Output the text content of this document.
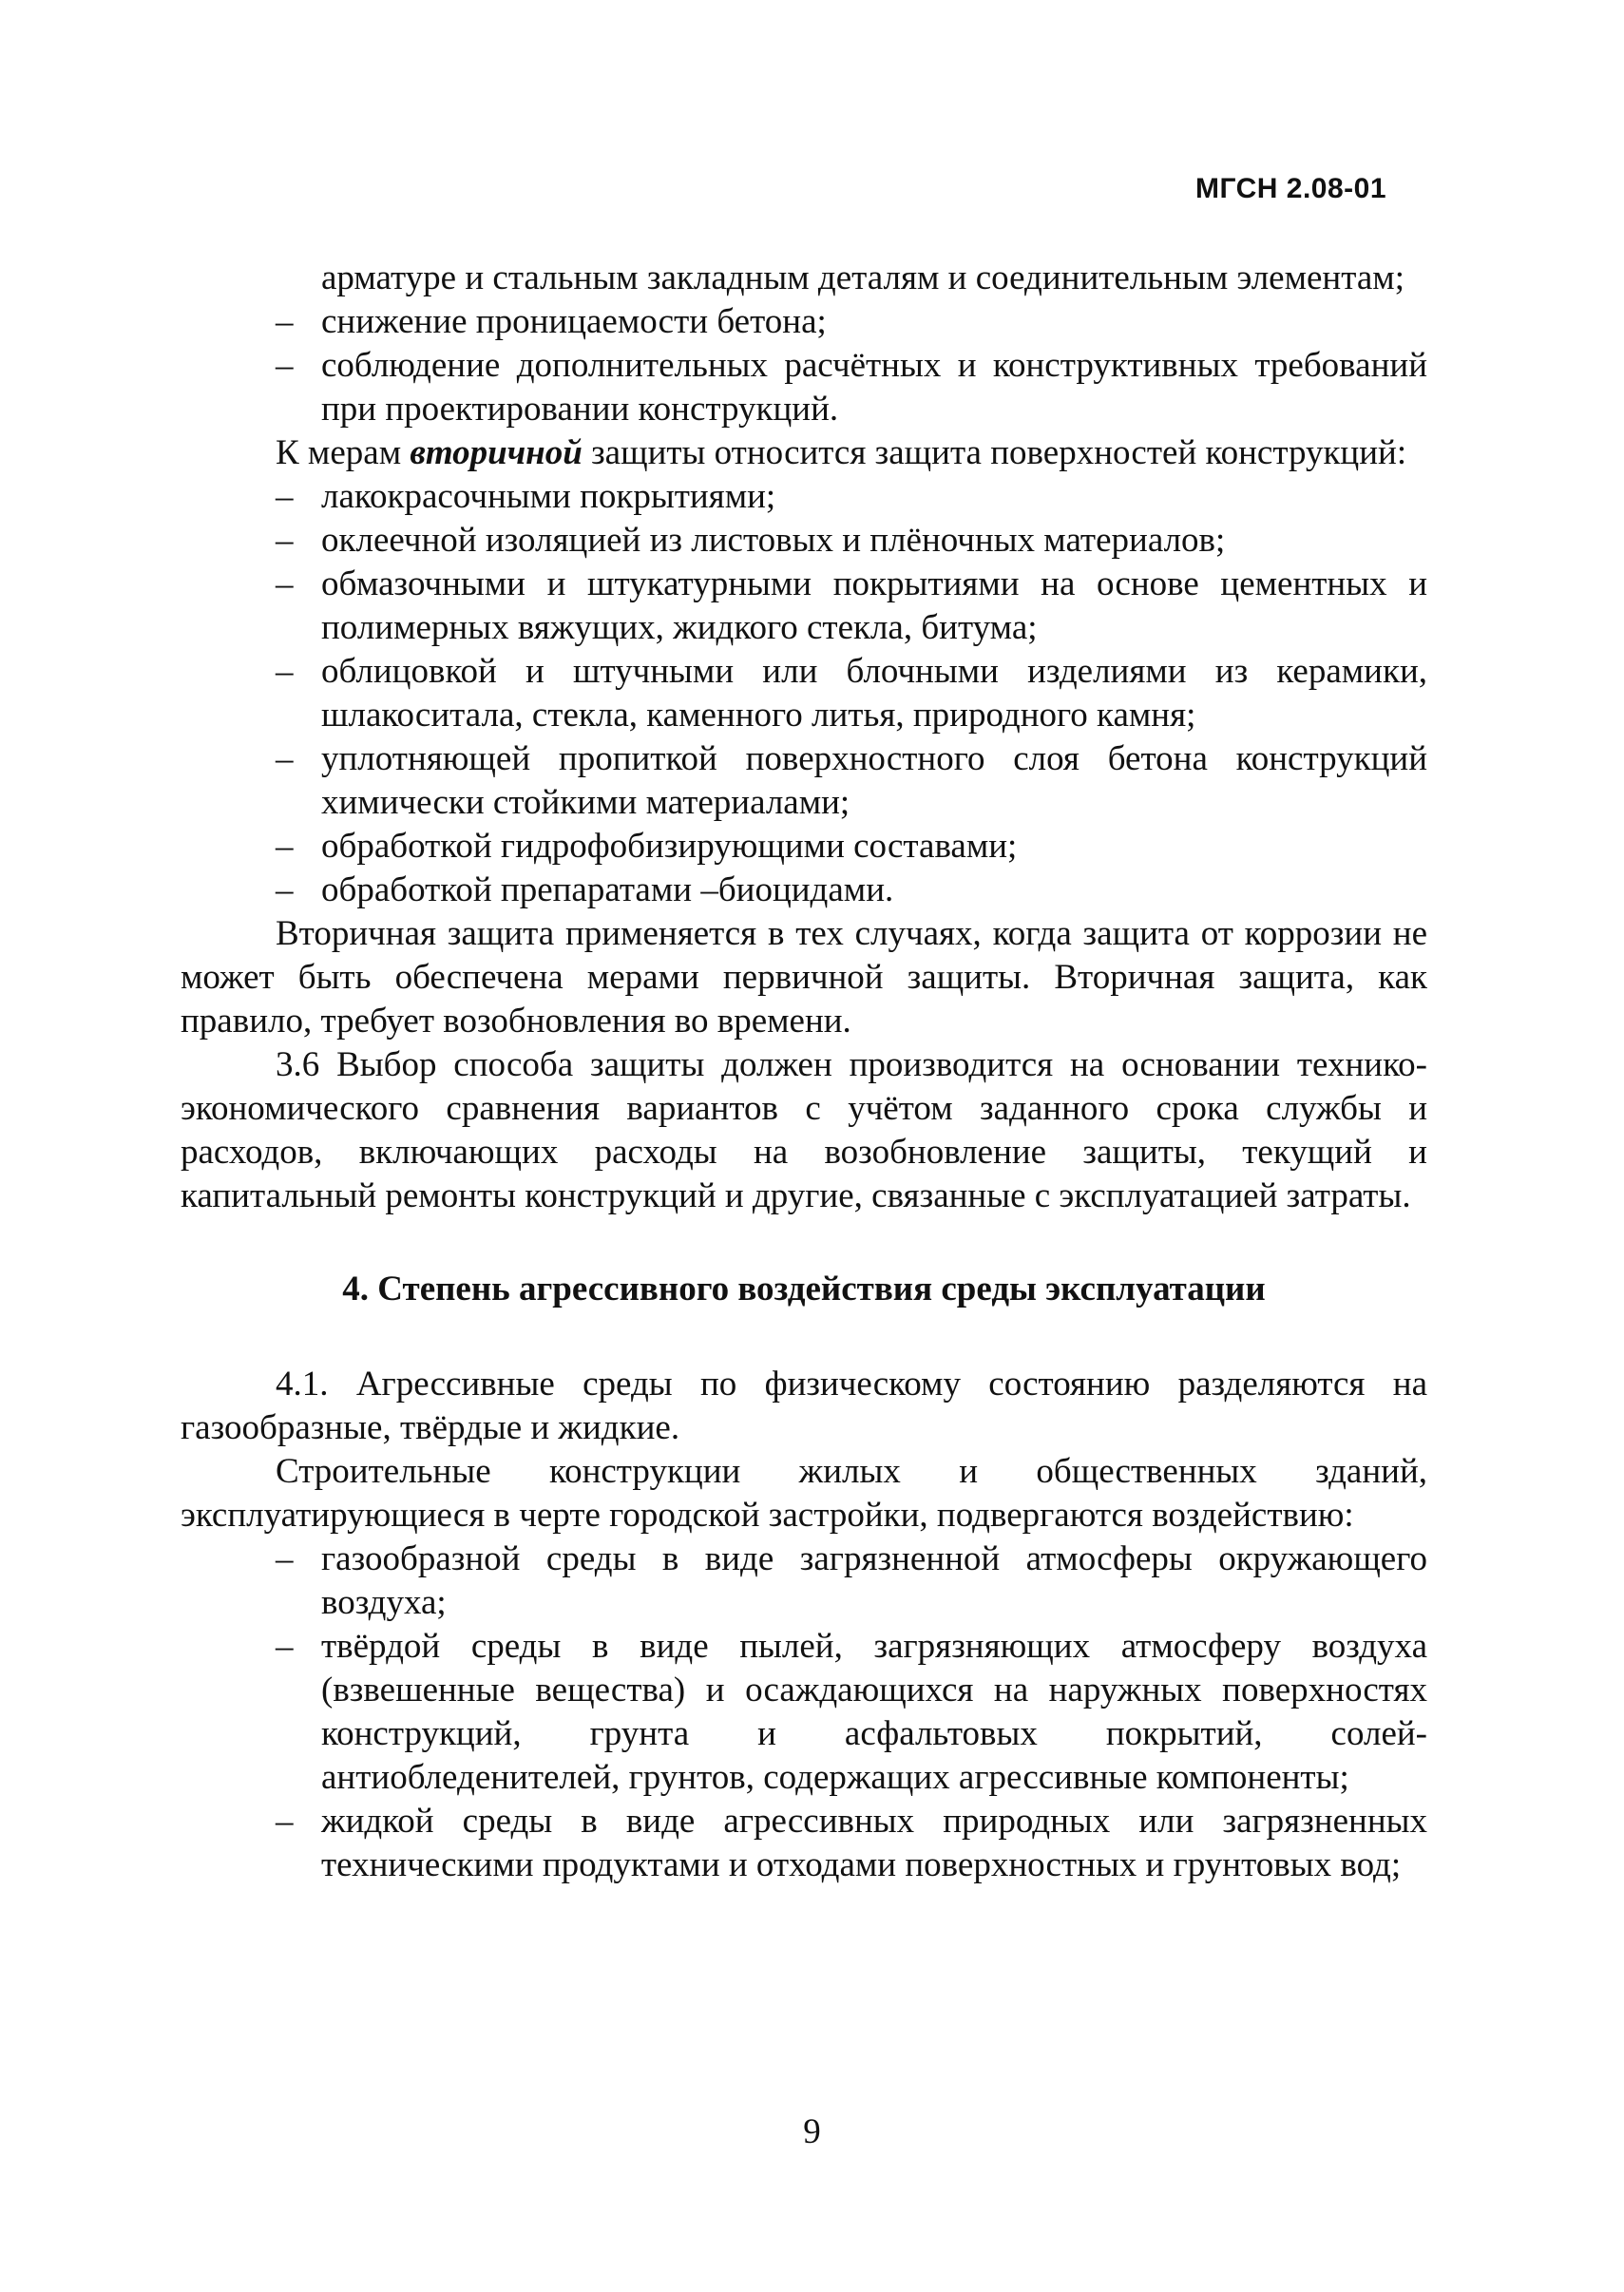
МГСН 2.08-01

арматуре и стальным закладным деталям и соединительным элементам;

– снижение проницаемости бетона;
– соблюдение дополнительных расчётных и конструктивных требований при проектировании конструкций.

К мерам вторичной защиты относится защита поверхностей конструкций:

– лакокрасочными покрытиями;
– оклеечной изоляцией из листовых и плёночных материалов;
– обмазочными и штукатурными покрытиями на основе цементных и полимерных вяжущих, жидкого стекла, битума;
– облицовкой и штучными или блочными изделиями из керамики, шлакоситала, стекла, каменного литья, природного камня;
– уплотняющей пропиткой поверхностного слоя бетона конструкций химически стойкими материалами;
– обработкой гидрофобизирующими составами;
– обработкой препаратами –биоцидами.

Вторичная защита применяется в тех случаях, когда защита от коррозии не может быть обеспечена мерами первичной защиты. Вторичная защита, как правило, требует возобновления во времени.

3.6 Выбор способа защиты должен производится на основании технико-экономического сравнения вариантов с учётом заданного срока службы и расходов, включающих расходы на возобновление защиты, текущий и капитальный ремонты конструкций и другие, связанные с эксплуатацией затраты.

4. Степень агрессивного воздействия среды эксплуатации

4.1. Агрессивные среды по физическому состоянию разделяются на газообразные, твёрдые и жидкие.

Строительные конструкции жилых и общественных зданий, эксплуатирующиеся в черте городской застройки, подвергаются воздействию:

– газообразной среды в виде загрязненной атмосферы окружающего воздуха;
– твёрдой среды в виде пылей, загрязняющих атмосферу воздуха (взвешенные вещества) и осаждающихся на наружных поверхностях конструкций, грунта и асфальтовых покрытий, солей-антиобледенителей, грунтов, содержащих агрессивные компоненты;
– жидкой среды в виде агрессивных природных или загрязненных техническими продуктами и отходами поверхностных и грунтовых вод;
9
